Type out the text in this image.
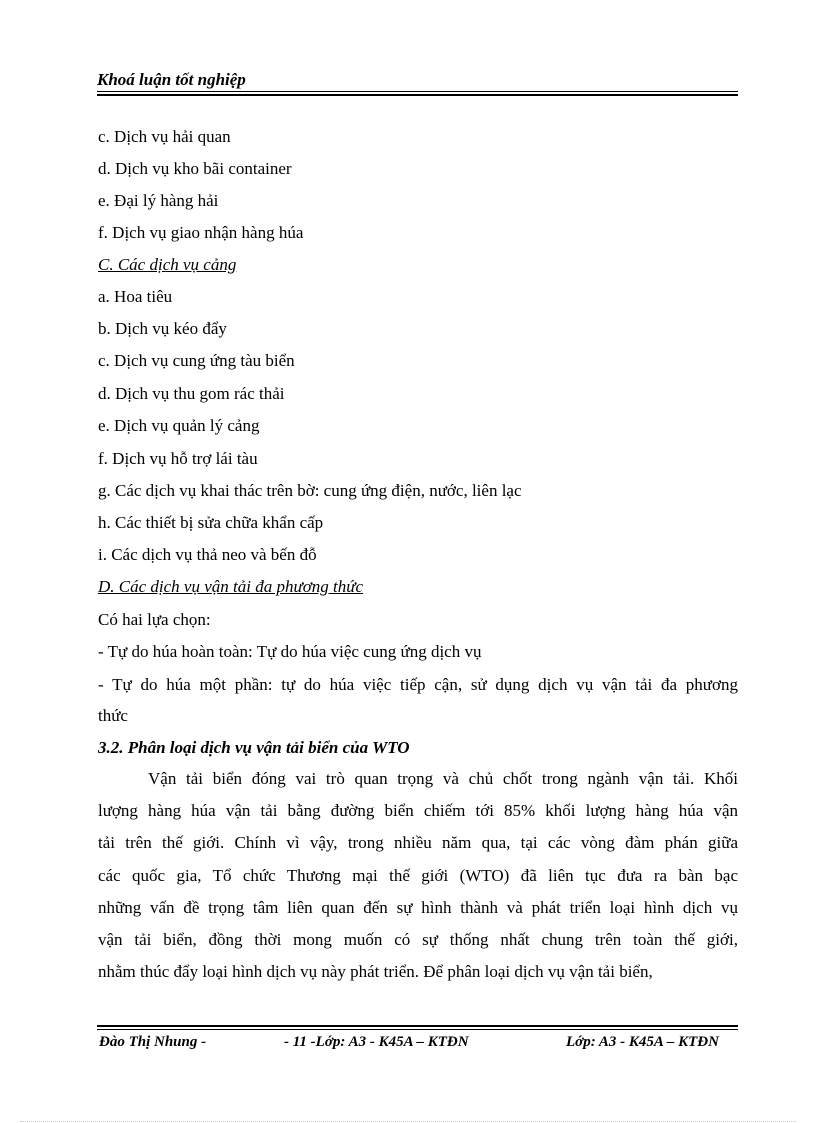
Khoá luận tốt nghiệp
c. Dịch vụ hải quan
d. Dịch vụ kho bãi container
e. Đại lý hàng hải
f. Dịch vụ giao nhận hàng húa
C. Các dịch vụ cảng
a. Hoa tiêu
b. Dịch vụ kéo đẩy
c. Dịch vụ cung ứng tàu biển
d. Dịch vụ thu gom rác thải
e. Dịch vụ quản lý cảng
f. Dịch vụ hỗ trợ lái tàu
g. Các dịch vụ khai thác trên bờ: cung ứng điện, nước, liên lạc
h. Các thiết bị sửa chữa khẩn cấp
i. Các dịch vụ thả neo và bến đỗ
D. Các dịch vụ vận tải đa phương thức
Có hai lựa chọn:
- Tự do húa hoàn toàn: Tự do húa việc cung ứng dịch vụ
- Tự do húa một phần: tự do húa việc tiếp cận, sử dụng dịch vụ vận tải đa phương
thức
3.2. Phân loại dịch vụ vận tải biển của WTO
Vận tải biển đóng vai trò quan trọng và chủ chốt trong ngành vận tải. Khối
lượng hàng húa vận tải bằng đường biển chiếm tới 85% khối lượng hàng húa vận
tải trên thế giới. Chính vì vậy, trong nhiều năm qua, tại các vòng đàm phán giữa
các quốc gia, Tổ chức Thương mại thế giới (WTO) đã liên tục đưa ra bàn bạc
những vấn đề trọng tâm liên quan đến sự hình thành và phát triển loại hình dịch vụ
vận tải biển, đồng thời mong muốn có sự thống nhất chung trên toàn thế giới,
nhằm thúc đẩy loại hình dịch vụ này phát triển. Để phân loại dịch vụ vận tải biển,
Đào Thị Nhung -	- 11 -Lớp: A3 - K45A – KTĐN	Lớp: A3 - K45A – KTĐN
